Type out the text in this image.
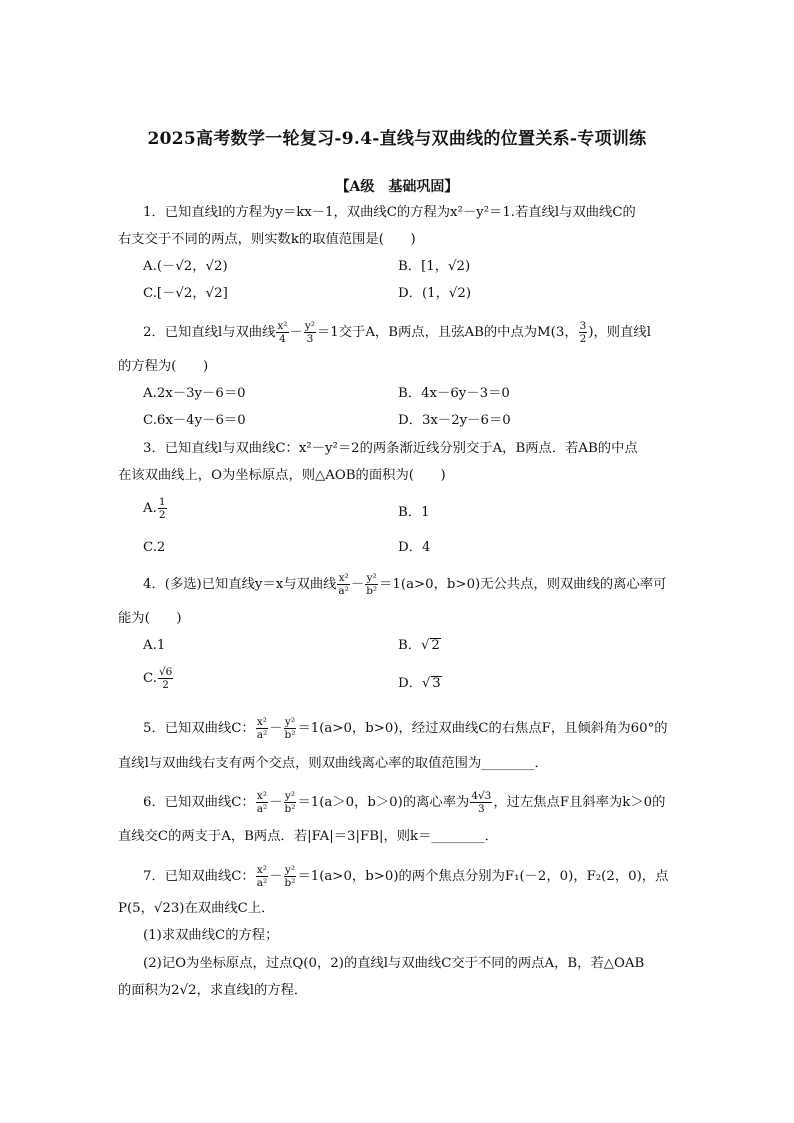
2025高考数学一轮复习-9.4-直线与双曲线的位置关系-专项训练
【A级　基础巩固】
1．已知直线l的方程为y＝kx－1，双曲线C的方程为x²－y²＝1.若直线l与双曲线C的
右支交于不同的两点，则实数k的取值范围是(　　)
A.(－√2，√2)	B．[1，√2)
C.[－√2，√2]	D．(1，√2)
2．已知直线l与双曲线 $\frac{\text{x²}}{4} - \frac{\text{y²}}{3} =1$交于A，B两点，且弦AB的中点为M(3， $\frac{3}{2}$ )，则直线l
的方程为(　　)
A.2x－3y－6＝0	B．4x－6y－3＝0
C.6x－4y－6＝0	D．3x－2y－6＝0
3．已知直线l与双曲线C：x²－y²＝2的两条渐近线分别交于A，B两点．若AB的中点
在该双曲线上，O为坐标原点，则△AOB的面积为(　　)
A. $\frac{1}{2}$	B．1
C.2	D．4
4．(多选)已知直线y＝x与双曲线 $\frac{\text{x²}}{\text{a²}} - \frac{\text{y²}}{\text{b²}} =1(a>0$，b>0)无公共点，则双曲线的离心率可
能为(　　)
A.1	B．√ 2
C. $\frac{√6}{2}$	D．√ 3
5．已知双曲线C： $\frac{\text{x²}}{\text{a²}} - \frac{\text{y²}}{\text{b²}} =1(a>0$，b>0)，经过双曲线C的右焦点F，且倾斜角为60°的
直线l与双曲线右支有两个交点，则双曲线离心率的取值范围为________．
6．已知双曲线C： $\frac{\text{x²}}{\text{a²}} - \frac{\text{y²}}{\text{b²}} =1(a>0$，b＞0)的离心率为 $\frac{4√3}{3}$ ，过左焦点F且斜率为k＞0的
直线交C的两支于A，B两点．若|FA|＝3|FB|，则k＝________．
7．已知双曲线C： $\frac{\text{x²}}{\text{a²}} - \frac{\text{y²}}{\text{b²}} =1(a>0$，b>0)的两个焦点分别为F₁(－2，0)，F₂(2，0)，点
P(5，√23)在双曲线C上．
(1)求双曲线C的方程；
(2)记O为坐标原点，过点Q(0，2)的直线l与双曲线C交于不同的两点A，B，若△OAB
的面积为2√2，求直线l的方程．
